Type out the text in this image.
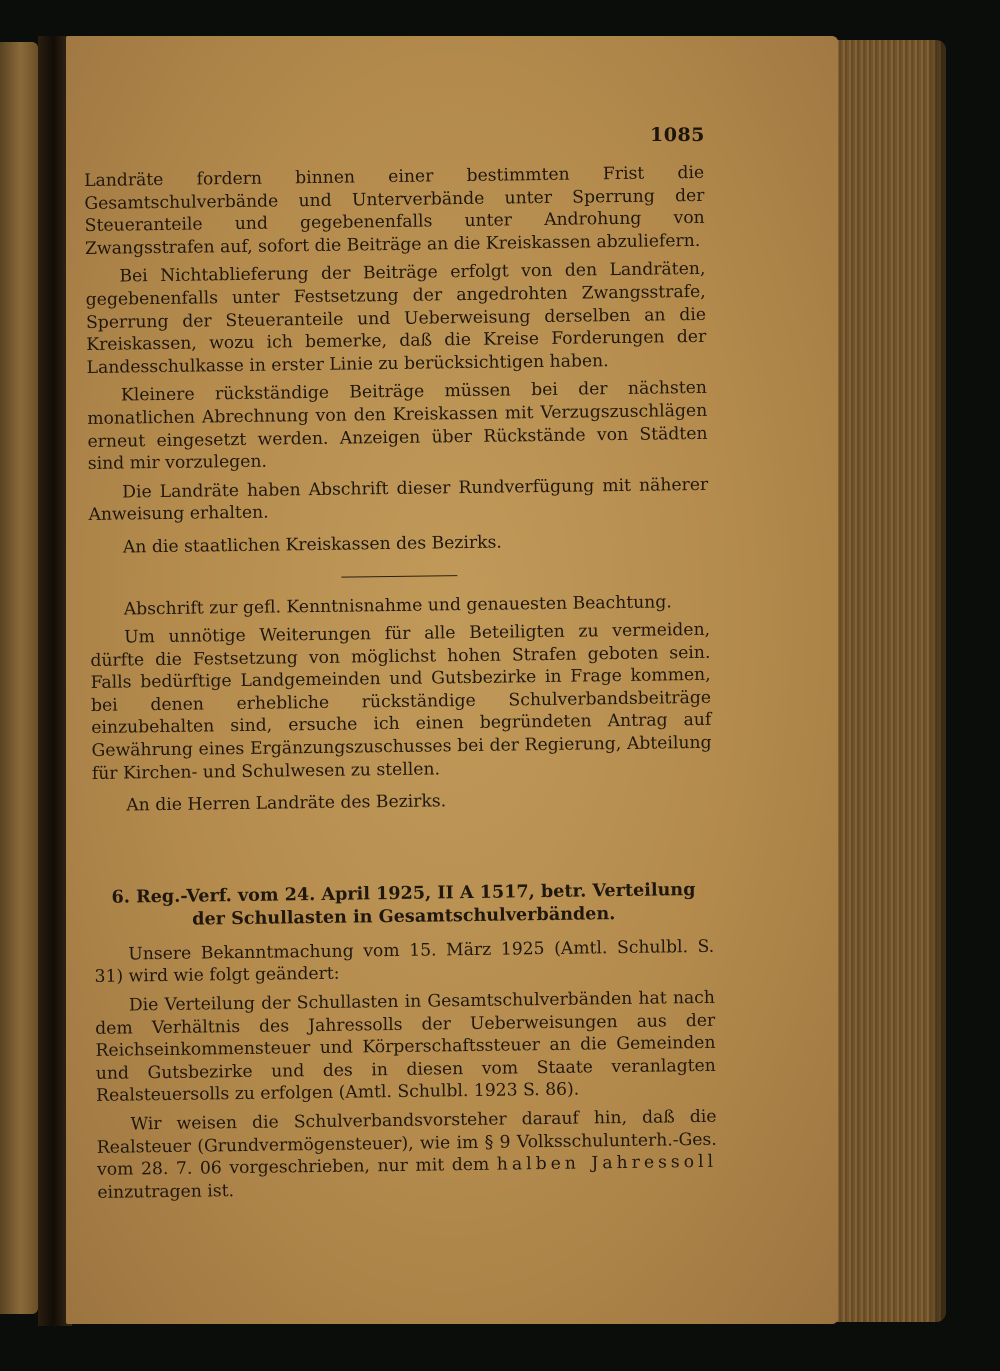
1085

Landräte fordern binnen einer bestimmten Frist die Gesamtschulverbände und Unterverbände unter Sperrung der Steueranteile und gegebenenfalls unter Androhung von Zwangsstrafen auf, sofort die Beiträge an die Kreiskassen abzuliefern.

Bei Nichtablieferung der Beiträge erfolgt von den Landräten, gegebenenfalls unter Festsetzung der angedrohten Zwangsstrafe, Sperrung der Steueranteile und Ueberweisung derselben an die Kreiskassen, wozu ich bemerke, daß die Kreise Forderungen der Landesschulkasse in erster Linie zu berücksichtigen haben.

Kleinere rückständige Beiträge müssen bei der nächsten monatlichen Abrechnung von den Kreiskassen mit Verzugszuschlägen erneut eingesetzt werden. Anzeigen über Rückstände von Städten sind mir vorzulegen.

Die Landräte haben Abschrift dieser Rundverfügung mit näherer Anweisung erhalten.

An die staatlichen Kreiskassen des Bezirks.

Abschrift zur gefl. Kenntnisnahme und genauesten Beachtung.

Um unnötige Weiterungen für alle Beteiligten zu vermeiden, dürfte die Festsetzung von möglichst hohen Strafen geboten sein. Falls bedürftige Landgemeinden und Gutsbezirke in Frage kommen, bei denen erhebliche rückständige Schulverbandsbeiträge einzubehalten sind, ersuche ich einen begründeten Antrag auf Gewährung eines Ergänzungszuschusses bei der Regierung, Abteilung für Kirchen- und Schulwesen zu stellen.

An die Herren Landräte des Bezirks.

6. Reg.-Verf. vom 24. April 1925, II A 1517, betr. Verteilung der Schullasten in Gesamtschulverbänden.

Unsere Bekanntmachung vom 15. März 1925 (Amtl. Schulbl. S. 31) wird wie folgt geändert:

Die Verteilung der Schullasten in Gesamtschulverbänden hat nach dem Verhältnis des Jahressolls der Ueberweisungen aus der Reichseinkommensteuer und Körperschaftssteuer an die Gemeinden und Gutsbezirke und des in diesen vom Staate veranlagten Realsteuersolls zu erfolgen (Amtl. Schulbl. 1923 S. 86).

Wir weisen die Schulverbandsvorsteher darauf hin, daß die Realsteuer (Grundvermögensteuer), wie im § 9 Volksschulunterh.-Ges. vom 28. 7. 06 vorgeschrieben, nur mit dem halben Jahressoll einzutragen ist.
